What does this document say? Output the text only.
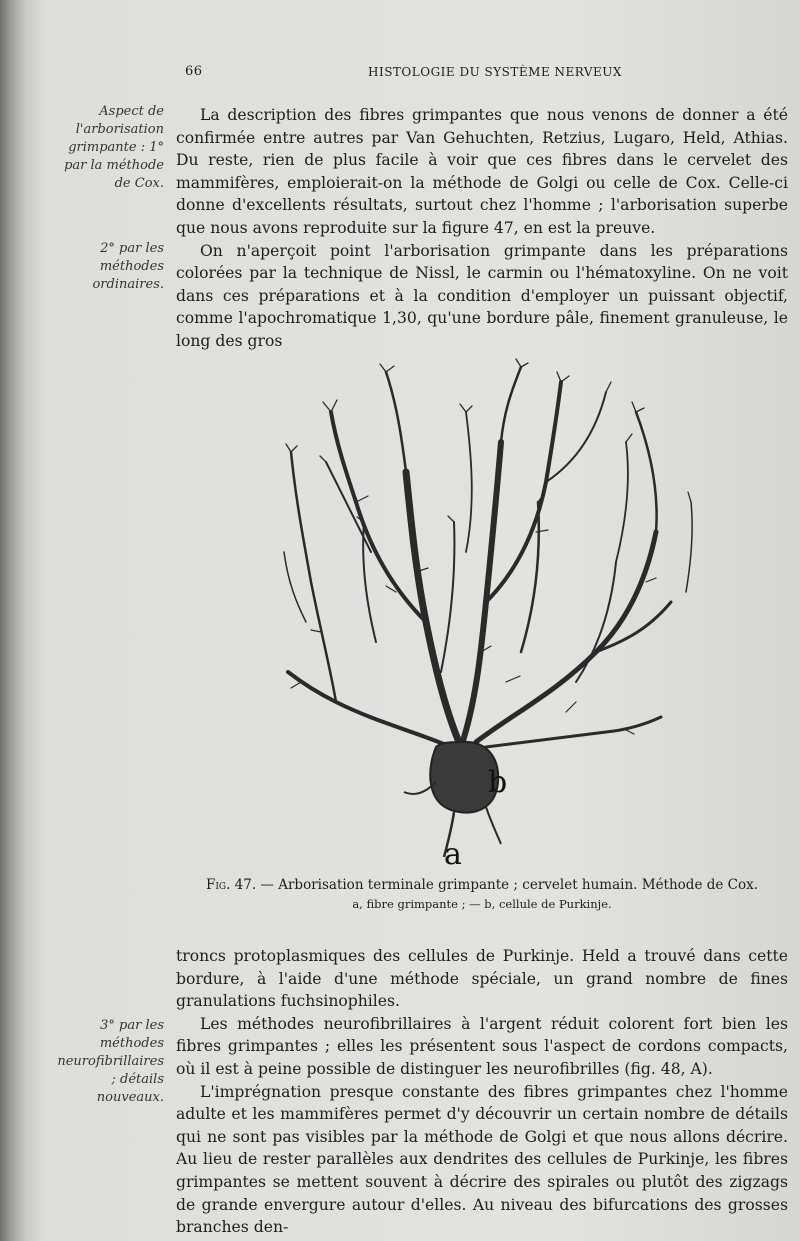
66	HISTOLOGIE DU SYSTÈME NERVEUX
Aspect de l'arborisation grimpante : 1° par la méthode de Cox.
2° par les méthodes ordinaires.
3° par les méthodes neurofibrillaires ; détails nouveaux.

La description des fibres grimpantes que nous venons de donner a été confirmée entre autres par Van Gehuchten, Retzius, Lugaro, Held, Athias. Du reste, rien de plus facile à voir que ces fibres dans le cervelet des mammifères, emploierait-on la méthode de Golgi ou celle de Cox. Celle-ci donne d'excellents résultats, surtout chez l'homme ; l'arborisation superbe que nous avons reproduite sur la figure 47, en est la preuve.

On n'aperçoit point l'arborisation grimpante dans les préparations colorées par la technique de Nissl, le carmin ou l'hématoxyline. On ne voit dans ces préparations et à la condition d'employer un puissant objectif, comme l'apochromatique 1,30, qu'une bordure pâle, finement granuleuse, le long des gros

a
b
Fig. 47. — Arborisation terminale grimpante ; cervelet humain. Méthode de Cox.
a, fibre grimpante ; — b, cellule de Purkinje.

troncs protoplasmiques des cellules de Purkinje. Held a trouvé dans cette bordure, à l'aide d'une méthode spéciale, un grand nombre de fines granulations fuchsinophiles.

Les méthodes neurofibrillaires à l'argent réduit colorent fort bien les fibres grimpantes ; elles les présentent sous l'aspect de cordons compacts, où il est à peine possible de distinguer les neurofibrilles (fig. 48, A).

L'imprégnation presque constante des fibres grimpantes chez l'homme adulte et les mammifères permet d'y découvrir un certain nombre de détails qui ne sont pas visibles par la méthode de Golgi et que nous allons décrire. Au lieu de rester parallèles aux dendrites des cellules de Purkinje, les fibres grimpantes se mettent souvent à décrire des spirales ou plutôt des zigzags de grande envergure autour d'elles. Au niveau des bifurcations des grosses branches den-
